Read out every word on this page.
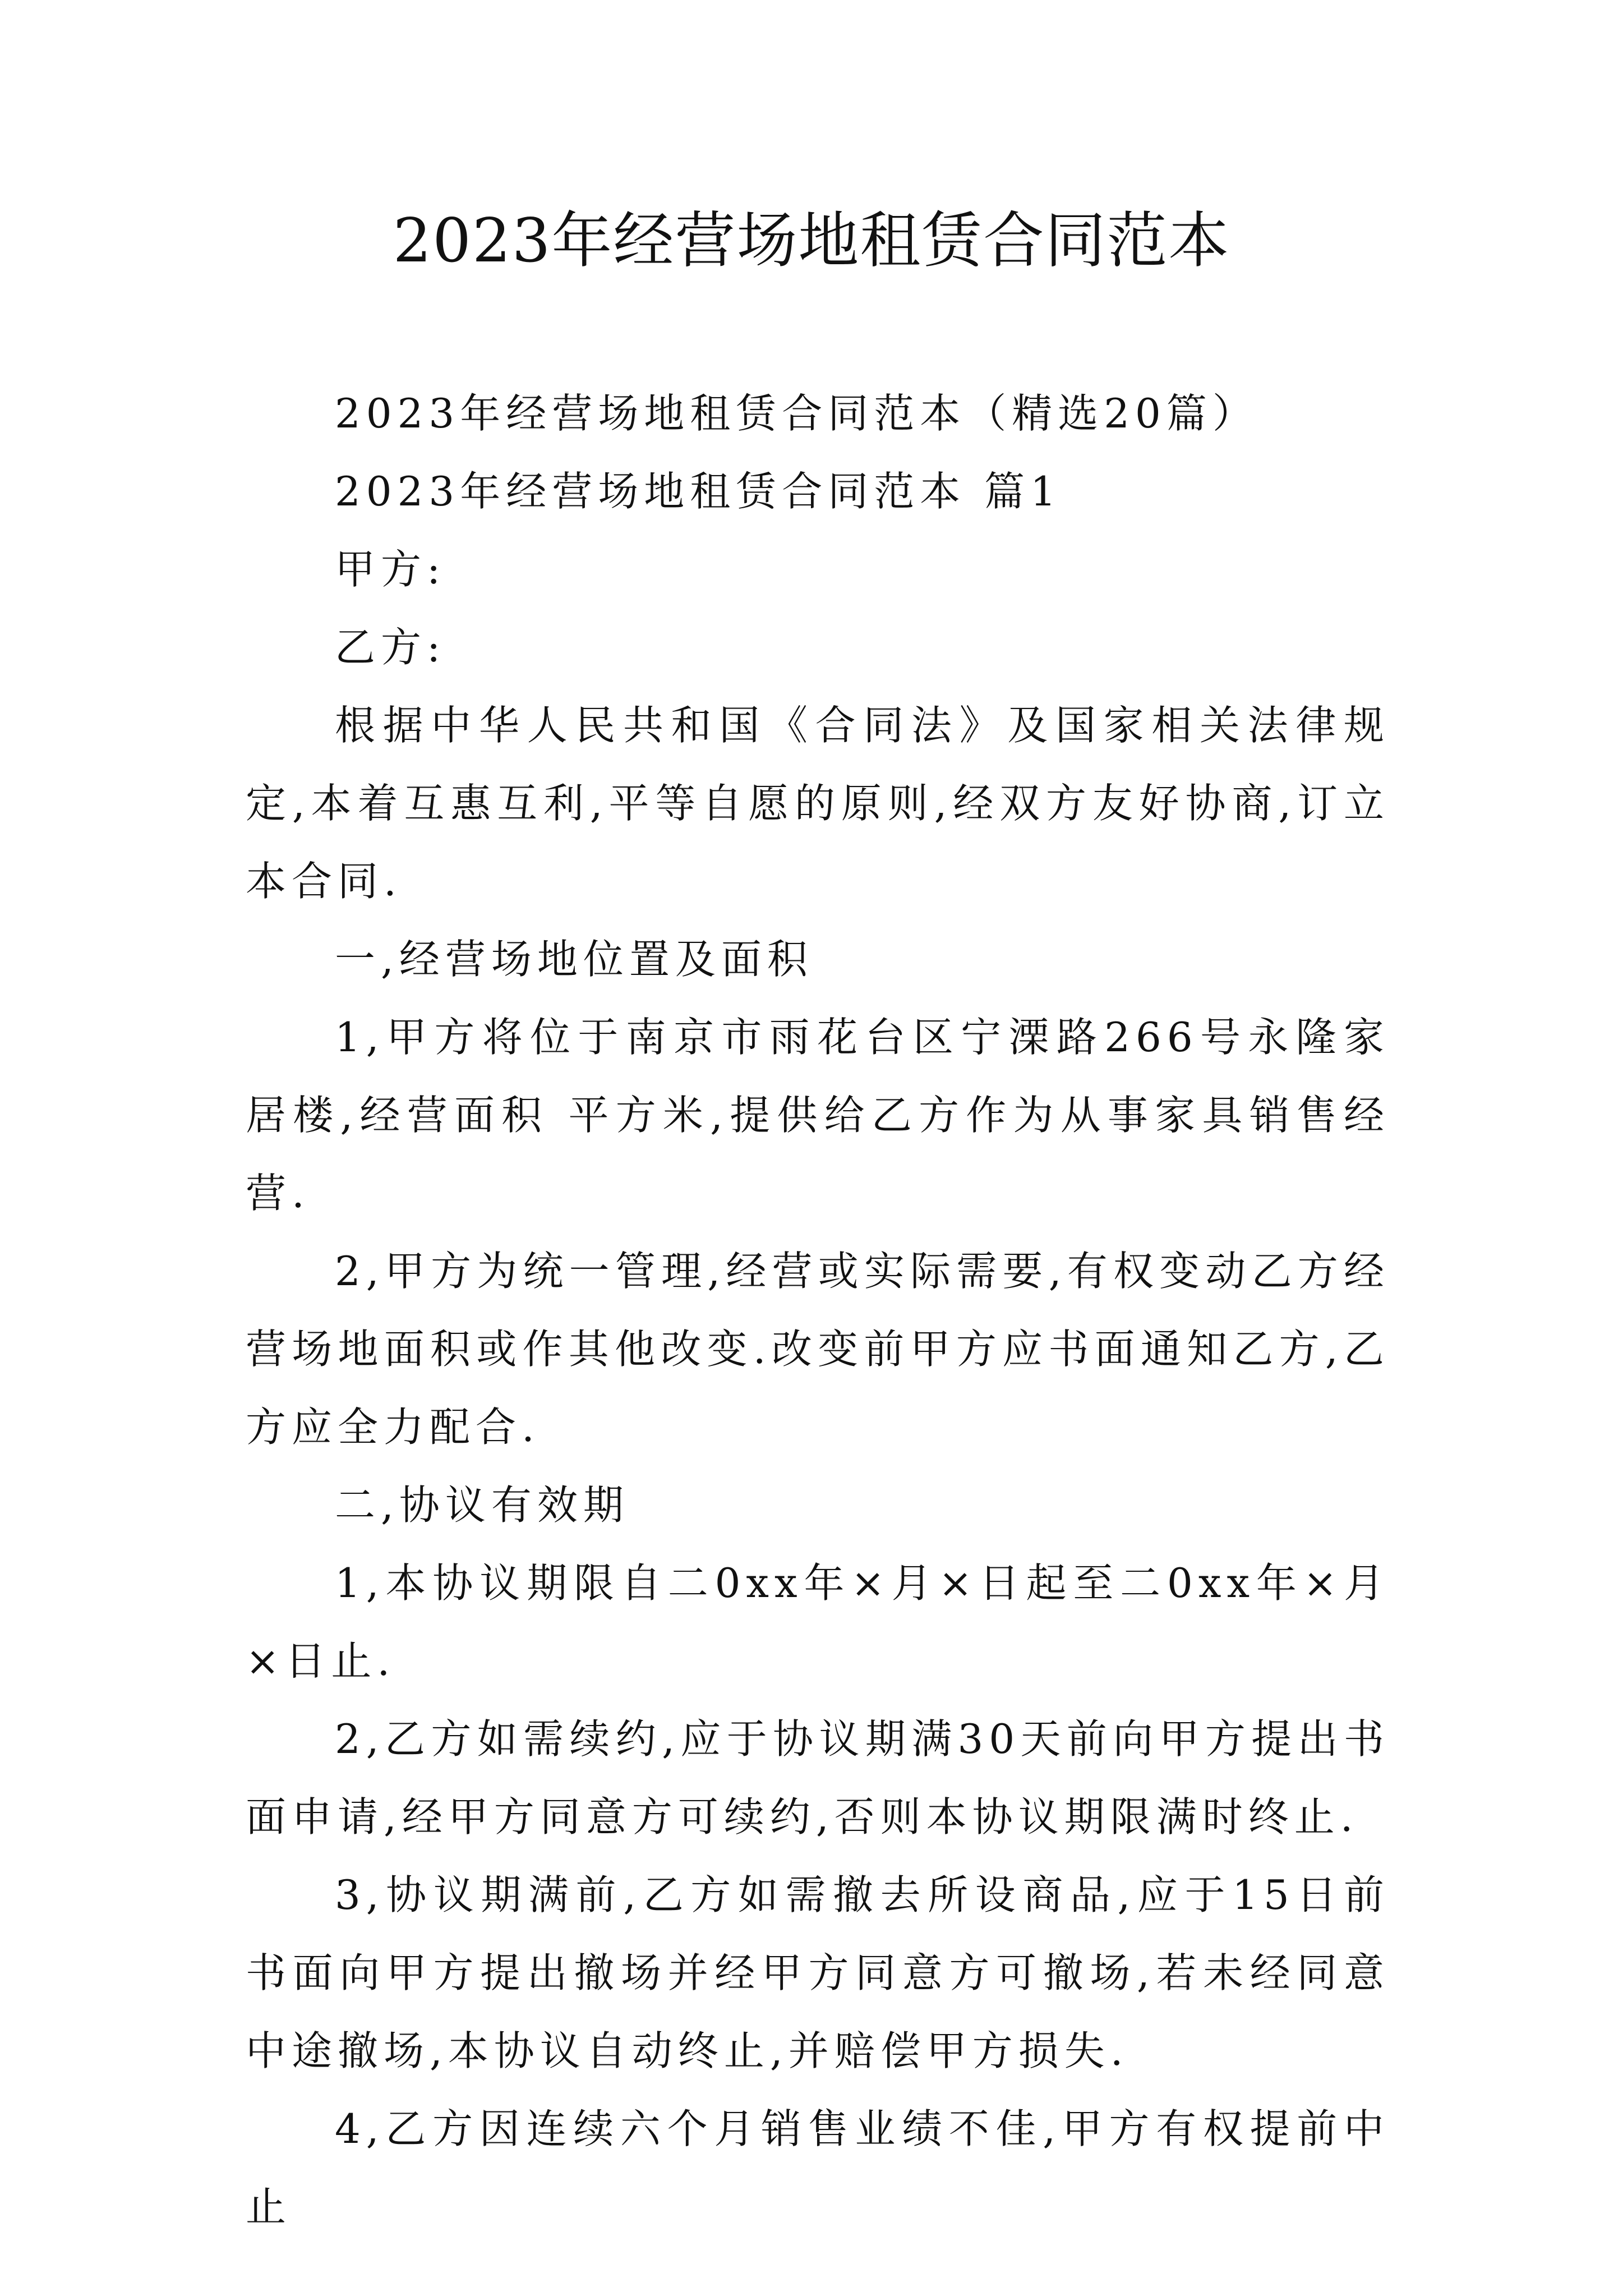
2023年经营场地租赁合同范本

2023年经营场地租赁合同范本（精选20篇）

2023年经营场地租赁合同范本 篇1

甲方:

乙方:

根据中华人民共和国《合同法》及国家相关法律规定,本着互惠互利,平等自愿的原则,经双方友好协商,订立本合同.

一,经营场地位置及面积

1,甲方将位于南京市雨花台区宁溧路266号永隆家居楼,经营面积 平方米,提供给乙方作为从事家具销售经营.

2,甲方为统一管理,经营或实际需要,有权变动乙方经营场地面积或作其他改变.改变前甲方应书面通知乙方,乙方应全力配合.

二,协议有效期

1,本协议期限自二0xx年×月×日起至二0xx年×月×日止.

2,乙方如需续约,应于协议期满30天前向甲方提出书面申请,经甲方同意方可续约,否则本协议期限满时终止.

3,协议期满前,乙方如需撤去所设商品,应于15日前书面向甲方提出撤场并经甲方同意方可撤场,若未经同意中途撤场,本协议自动终止,并赔偿甲方损失.

4,乙方因连续六个月销售业绩不佳,甲方有权提前中止
